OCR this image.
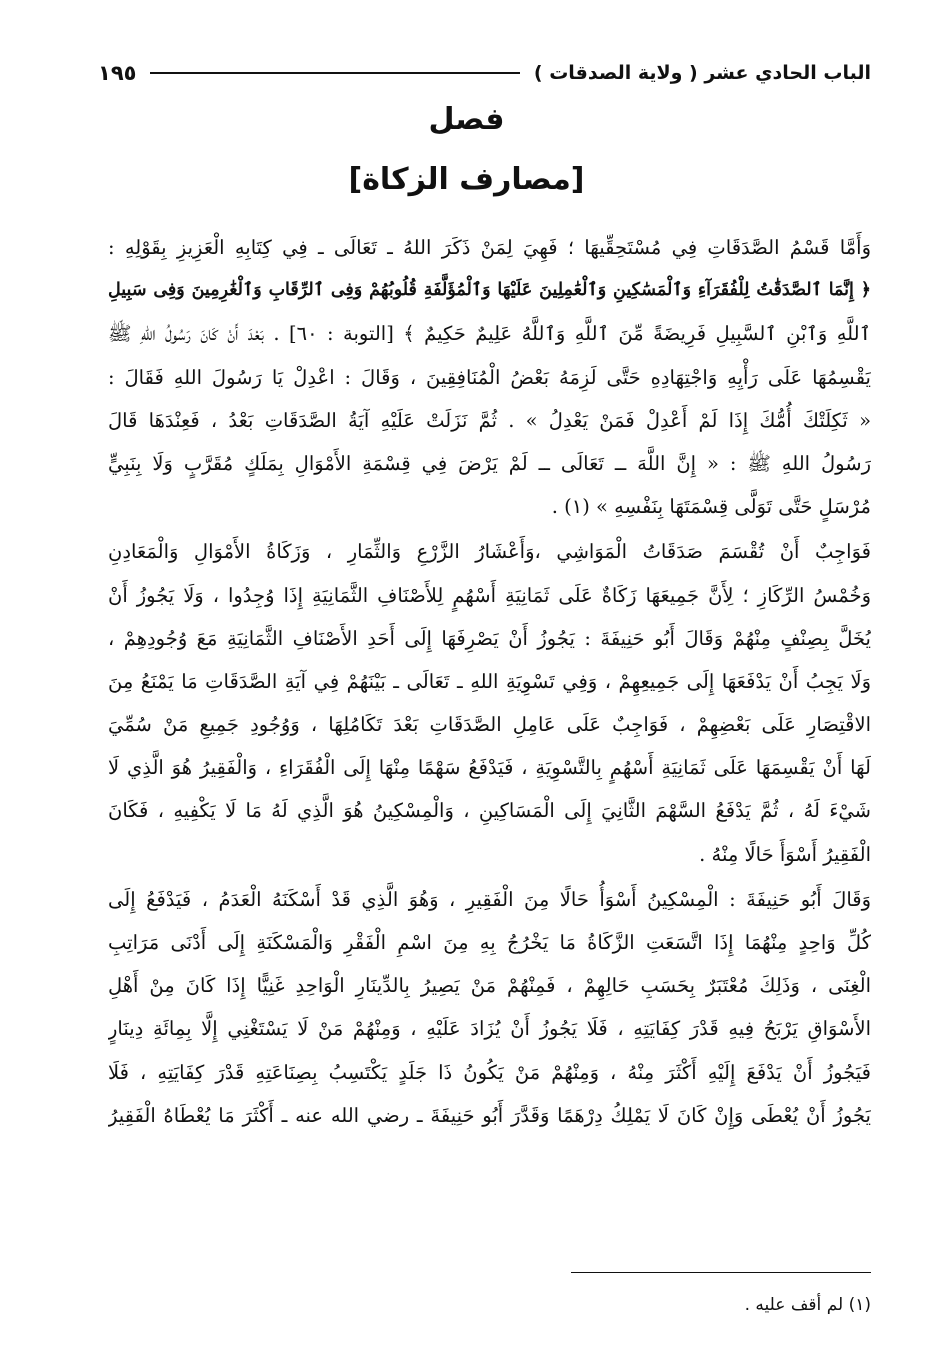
الباب الحادي عشر ( ولاية الصدقات )
١٩٥
فصل
[مصارف الزكاة]
وَأَمَّا قَسْمُ الصَّدَقَاتِ فِي مُسْتَحِقِّيهَا ؛ فَهِيَ لِمَنْ ذَكَرَ اللهُ ـ تَعَالَى ـ فِي كِتَابِهِ الْعَزِيزِ بِقَوْلِهِ :
﴿ إِنَّمَا ٱلصَّدَقَٰتُ لِلْفُقَرَآءِ وَٱلْمَسَٰكِينِ وَٱلْعَٰمِلِينَ عَلَيْهَا وَٱلْمُؤَلَّفَةِ قُلُوبُهُمْ وَفِى ٱلرِّقَابِ وَٱلْغَٰرِمِينَ وَفِى سَبِيلِ
ٱللَّهِ وَٱبْنِ ٱلسَّبِيلِ فَرِيضَةً مِّنَ ٱللَّهِ وَٱللَّهُ عَلِيمٌ حَكِيمٌ ﴾ [التوبة : ٦٠] . بَعْدَ أَنْ كَانَ رَسُولُ اللهِ ﷺ
يَقْسِمُهَا عَلَى رَأْيِهِ وَاجْتِهَادِهِ حَتَّى لَزِمَهُ بَعْضُ الْمُنَافِقِينَ ، وَقَالَ : اعْدِلْ يَا رَسُولَ اللهِ فَقَالَ :
« ثَكِلَتْكَ أُمُّكَ إِذَا لَمْ أَعْدِلْ فَمَنْ يَعْدِلُ » . ثُمَّ نَزَلَتْ عَلَيْهِ آيَةُ الصَّدَقَاتِ بَعْدُ ، فَعِنْدَهَا قَالَ
رَسُولُ اللهِ ﷺ : « إِنَّ اللَّهَ ــ تَعَالَى ــ لَمْ يَرْضَ فِي قِسْمَةِ الأَمْوَالِ بِمَلَكٍ مُقَرَّبٍ وَلَا بِنَبِيٍّ
مُرْسَلٍ حَتَّى تَوَلَّى قِسْمَتَهَا بِنَفْسِهِ » (١) .
فَوَاجِبٌ أَنْ تُقْسَمَ صَدَقَاتُ الْمَوَاشِي ،وَأَعْشَارُ الزَّرْعِ وَالثِّمَارِ ، وَزَكَاةُ الأَمْوَالِ وَالْمَعَادِنِ
وَخُمْسُ الرِّكَازِ ؛ لِأَنَّ جَمِيعَهَا زَكَاةٌ عَلَى ثَمَانِيَةِ أَسْهُمٍ لِلأَصْنَافِ الثَّمَانِيَةِ إِذَا وُجِدُوا ، وَلَا يَجُوزُ أَنْ
يُخَلَّ بِصِنْفٍ مِنْهُمْ وَقَالَ أَبُو حَنِيفَةَ : يَجُوزُ أَنْ يَصْرِفَهَا إِلَى أَحَدِ الأَصْنَافِ الثَّمَانِيَةِ مَعَ وُجُودِهِمْ ،
وَلَا يَجِبُ أَنْ يَدْفَعَهَا إِلَى جَمِيعِهِمْ ، وَفِي تَسْوِيَةِ اللهِ ـ تَعَالَى ـ بَيْنَهُمْ فِي آيَةِ الصَّدَقَاتِ مَا يَمْنَعُ مِنَ
الاقْتِصَارِ عَلَى بَعْضِهِمْ ، فَوَاجِبٌ عَلَى عَامِلِ الصَّدَقَاتِ بَعْدَ تَكَامُلِهَا ، وَوُجُودِ جَمِيعِ مَنْ سُمِّيَ
لَهَا أَنْ يَقْسِمَهَا عَلَى ثَمَانِيَةِ أَسْهُمٍ بِالتَّسْوِيَةِ ، فَيَدْفَعُ سَهْمًا مِنْهَا إِلَى الْفُقَرَاءِ ، وَالْفَقِيرُ هُوَ الَّذِي لَا
شَيْءَ لَهُ ، ثُمَّ يَدْفَعُ السَّهْمَ الثَّانِيَ إِلَى الْمَسَاكِينِ ، وَالْمِسْكِينُ هُوَ الَّذِي لَهُ مَا لَا يَكْفِيهِ ، فَكَانَ
الْفَقِيرُ أَسْوَأَ حَالًا مِنْهُ .
وَقَالَ أَبُو حَنِيفَةَ : الْمِسْكِينُ أَسْوَأُ حَالًا مِنَ الْفَقِيرِ ، وَهُوَ الَّذِي قَدْ أَسْكَنَهُ الْعَدَمُ ، فَيَدْفَعُ إِلَى
كُلِّ وَاحِدٍ مِنْهُمَا إِذَا اتَّسَعَتِ الزَّكَاةُ مَا يَخْرُجُ بِهِ مِنَ اسْمِ الْفَقْرِ وَالْمَسْكَنَةِ إِلَى أَدْنَى مَرَاتِبِ
الْغِنَى ، وَذَلِكَ مُعْتَبَرٌ بِحَسَبِ حَالِهِمْ ، فَمِنْهُمْ مَنْ يَصِيرُ بِالدِّينَارِ الْوَاحِدِ غَنِيًّا إِذَا كَانَ مِنْ أَهْلِ
الأَسْوَاقِ يَرْبَحُ فِيهِ قَدْرَ كِفَايَتِهِ ، فَلَا يَجُوزُ أَنْ يُزَادَ عَلَيْهِ ، وَمِنْهُمْ مَنْ لَا يَسْتَغْنِي إِلَّا بِمِائَةِ دِينَارٍ
فَيَجُوزُ أَنْ يَدْفَعَ إِلَيْهِ أَكْثَرَ مِنْهُ ، وَمِنْهُمْ مَنْ يَكُونُ ذَا جَلَدٍ يَكْتَسِبُ بِصِنَاعَتِهِ قَدْرَ كِفَايَتِهِ ، فَلَا
يَجُوزُ أَنْ يُعْطَى وَإِنْ كَانَ لَا يَمْلِكُ دِرْهَمًا وَقَدَّرَ أَبُو حَنِيفَةَ ـ رضي الله عنه ـ أَكْثَرَ مَا يُعْطَاهُ الْفَقِيرُ
(١) لم أقف عليه .
